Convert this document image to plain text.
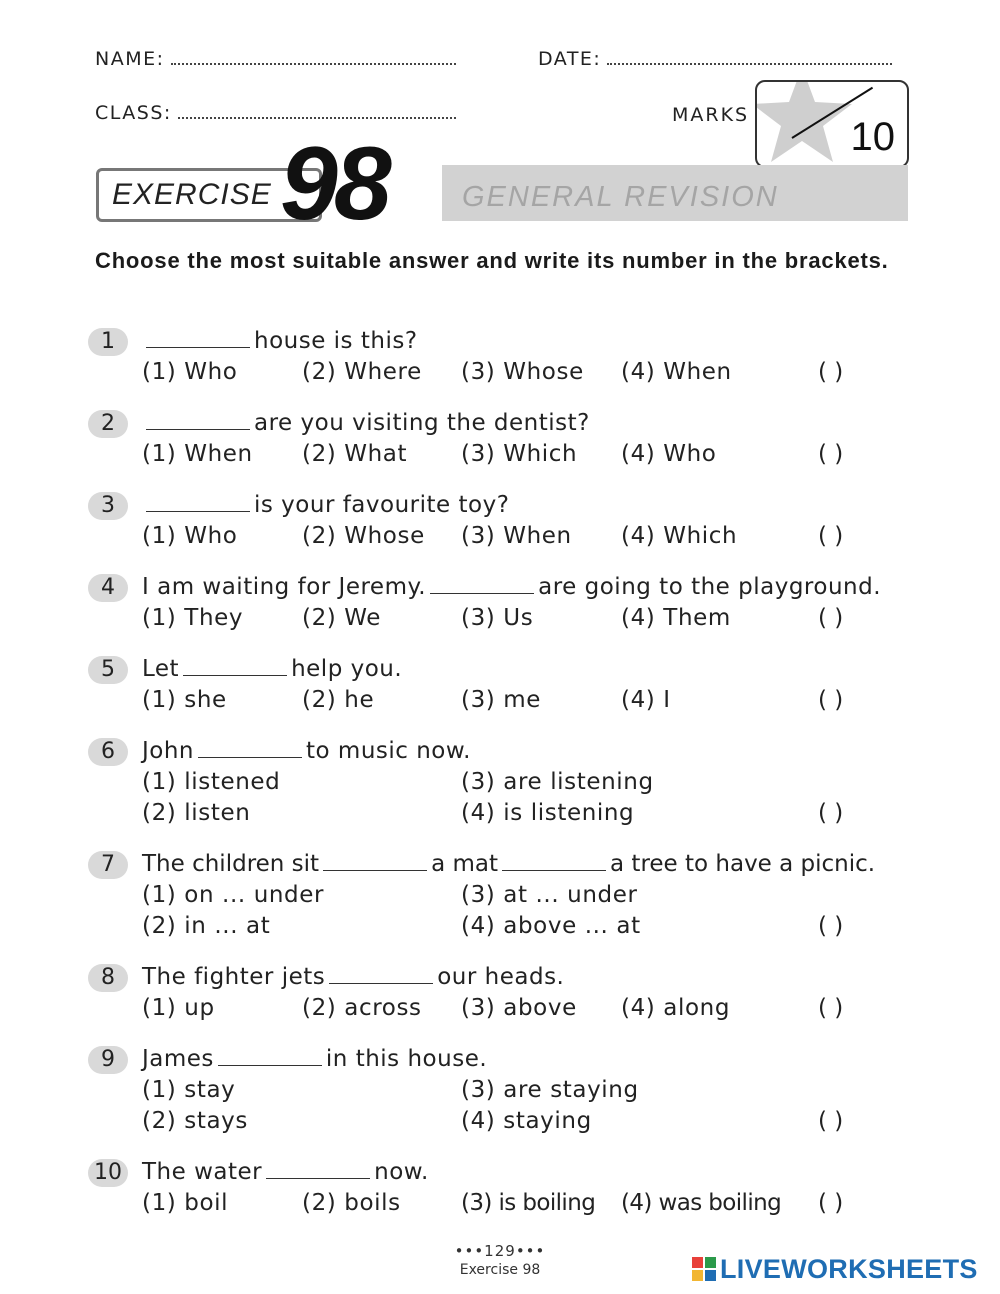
NAME:	DATE:
CLASS:	MARKS	10
EXERCISE 98	GENERAL REVISION
Choose the most suitable answer and write its number in the brackets.
1	house is this?
(1) Who	(2) Where (3) Whose (4) When	( )
2	are you visiting the dentist?
(1) When (2) What (3) Which (4) Who	( )
3	is your favourite toy?
(1) Who	(2) Whose (3) When (4) Which	( )
4	I am waiting for Jeremy.	are going to the playground.
(1) They	(2) We	(3) Us	(4) Them	( )
5	Let	help you.
(1) she	(2) he	(3) me	(4) I	( )
6	John	to music now.
(1) listened	(3) are listening
(2) listen	(4) is listening	( )
7	The children sit	a mat	a tree to have a picnic.
(1) on ... under	(3) at ... under
(2) in ... at	(4) above ... at	( )
8	The fighter jets	our heads.
(1) up	(2) across (3) above (4) along	( )
9	James	in this house.
(1) stay	(3) are staying
(2) stays	(4) staying	( )
10 The water	now.
(1) boil	(2) boils	(3) is boiling (4) was boiling ( )
•••129•••
Exercise 98	LIVEWORKSHEETS
